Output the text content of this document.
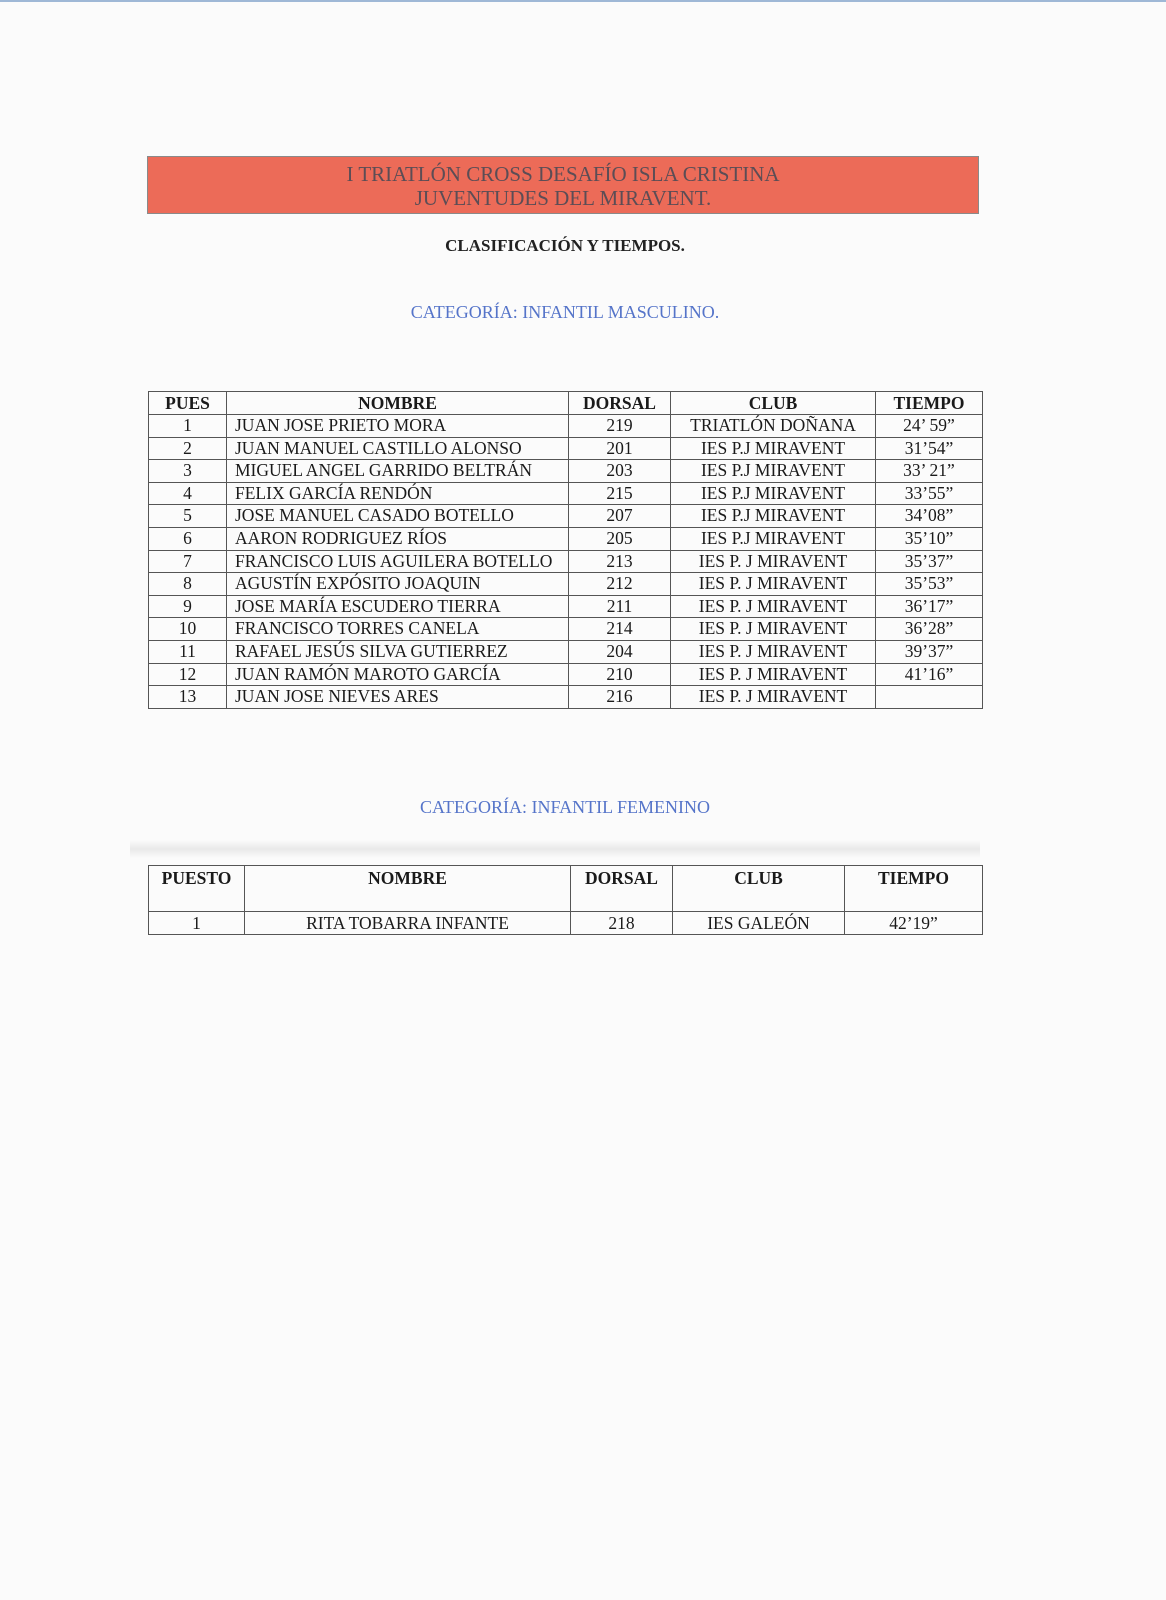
I TRIATLÓN CROSS DESAFÍO ISLA CRISTINA
JUVENTUDES DEL MIRAVENT.
CLASIFICACIÓN Y TIEMPOS.
CATEGORÍA: INFANTIL MASCULINO.
PUES	NOMBRE	DORSAL	CLUB	TIEMPO
1	JUAN JOSE PRIETO MORA	219	TRIATLÓN DOÑANA	24’ 59”
2	JUAN MANUEL CASTILLO ALONSO	201	IES P.J MIRAVENT	31’54”
3	MIGUEL ANGEL GARRIDO BELTRÁN	203	IES P.J MIRAVENT	33’ 21”
4	FELIX GARCÍA RENDÓN	215	IES P.J MIRAVENT	33’55”
5	JOSE MANUEL CASADO BOTELLO	207	IES P.J MIRAVENT	34’08”
6	AARON RODRIGUEZ RÍOS	205	IES P.J MIRAVENT	35’10”
7	FRANCISCO LUIS AGUILERA BOTELLO	213	IES P. J MIRAVENT	35’37”
8	AGUSTÍN EXPÓSITO JOAQUIN	212	IES P. J MIRAVENT	35’53”
9	JOSE MARÍA ESCUDERO TIERRA	211	IES P. J MIRAVENT	36’17”
10	FRANCISCO TORRES CANELA	214	IES P. J MIRAVENT	36’28”
11	RAFAEL JESÚS SILVA GUTIERREZ	204	IES P. J MIRAVENT	39’37”
12	JUAN RAMÓN MAROTO GARCÍA	210	IES P. J MIRAVENT	41’16”
13	JUAN JOSE NIEVES ARES	216	IES P. J MIRAVENT	
CATEGORÍA: INFANTIL FEMENINO
PUESTO	NOMBRE	DORSAL	CLUB	TIEMPO
1	RITA TOBARRA INFANTE	218	IES GALEÓN	42’19”
